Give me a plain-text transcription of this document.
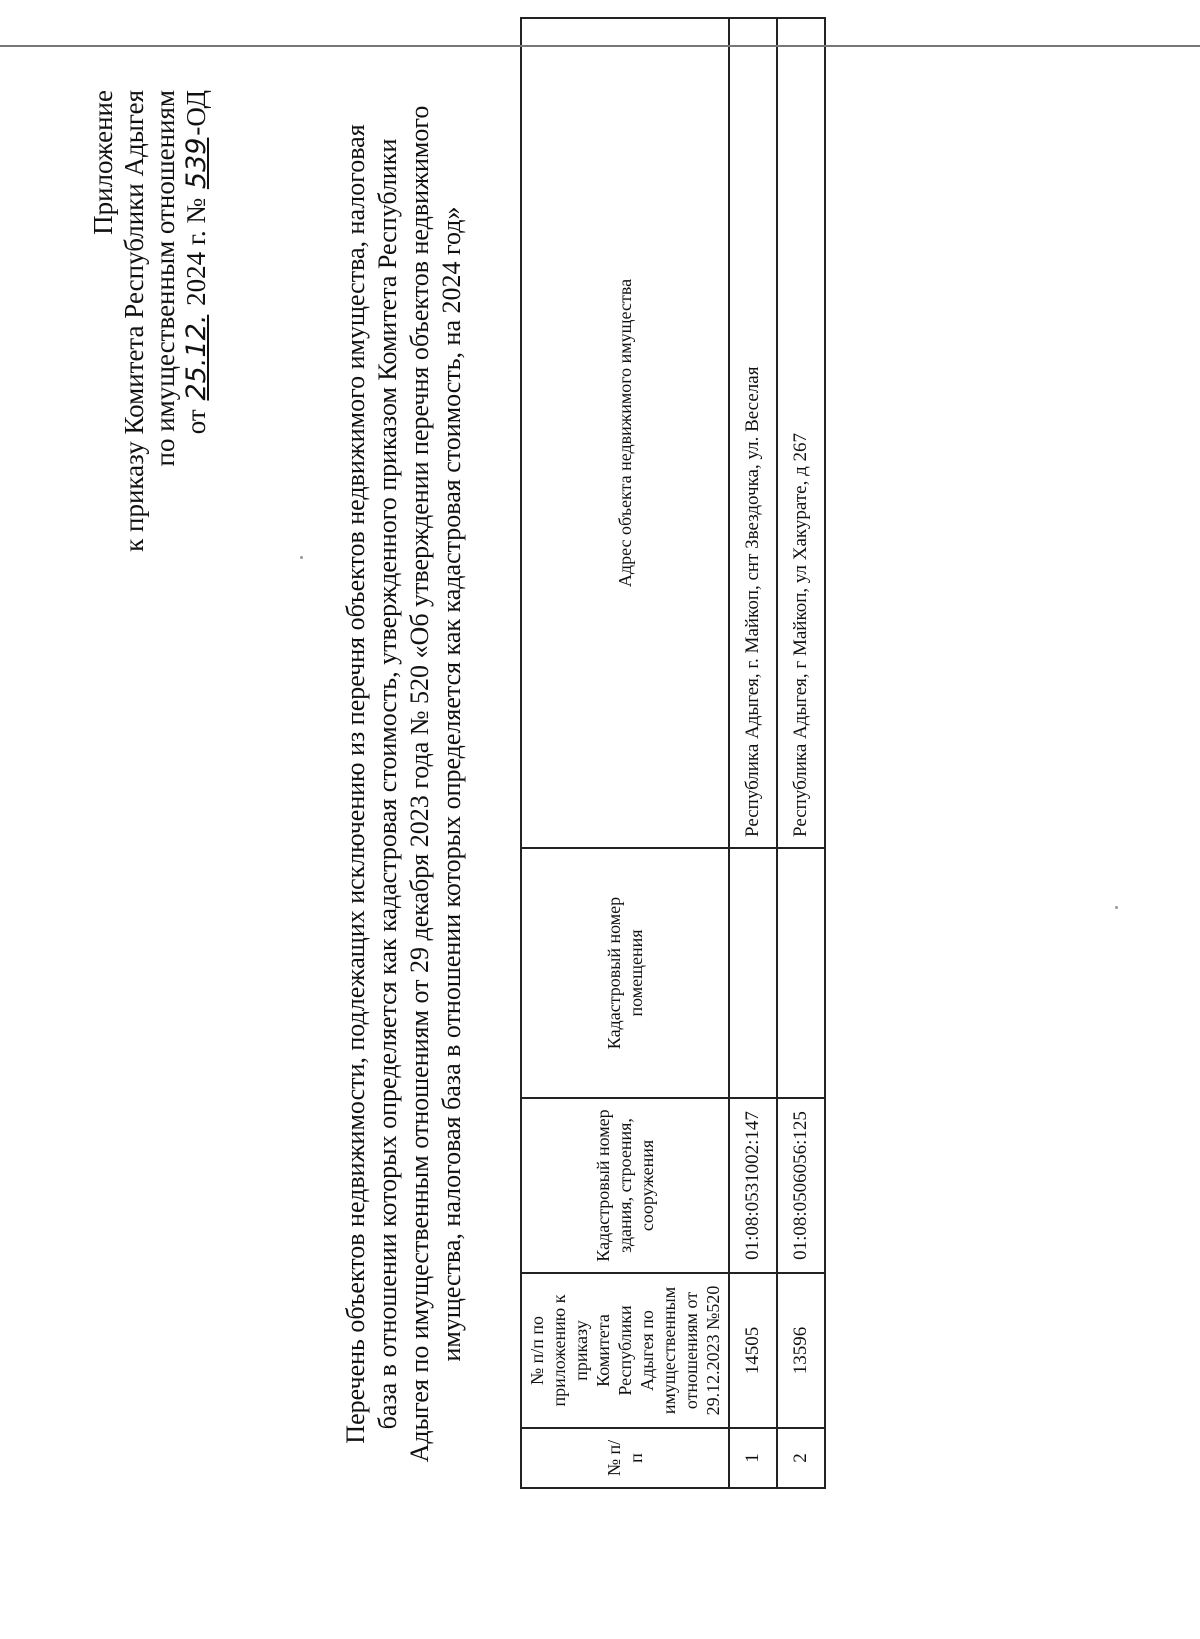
Приложение к приказу Комитета Республики Адыгея по имущественным отношениям от 25.12. 2024 г. № 539-ОД
Перечень объектов недвижимости, подлежащих исключению из перечня объектов недвижимого имущества, налоговая база в отношении которых определяется как кадастровая стоимость, утвержденного приказом Комитета Республики Адыгея по имущественным отношениям от 29 декабря 2023 года № 520 «Об утверждении перечня объектов недвижимого имущества, налоговая база в отношении которых определяется как кадастровая стоимость, на 2024 год»
№ п/п	№ п/п по приложению к приказу Комитета Республики Адыгея по имущественным отношениям от 29.12.2023 №520	Кадастровый номер здания, строения, сооружения	Кадастровый номер помещения	Адрес объекта недвижимого имущества
1	14505	01:08:0531002:147		Республика Адыгея, г. Майкоп, снт Звездочка, ул. Веселая
2	13596	01:08:0506056:125		Республика Адыгея, г Майкоп, ул Хакурате, д 267
